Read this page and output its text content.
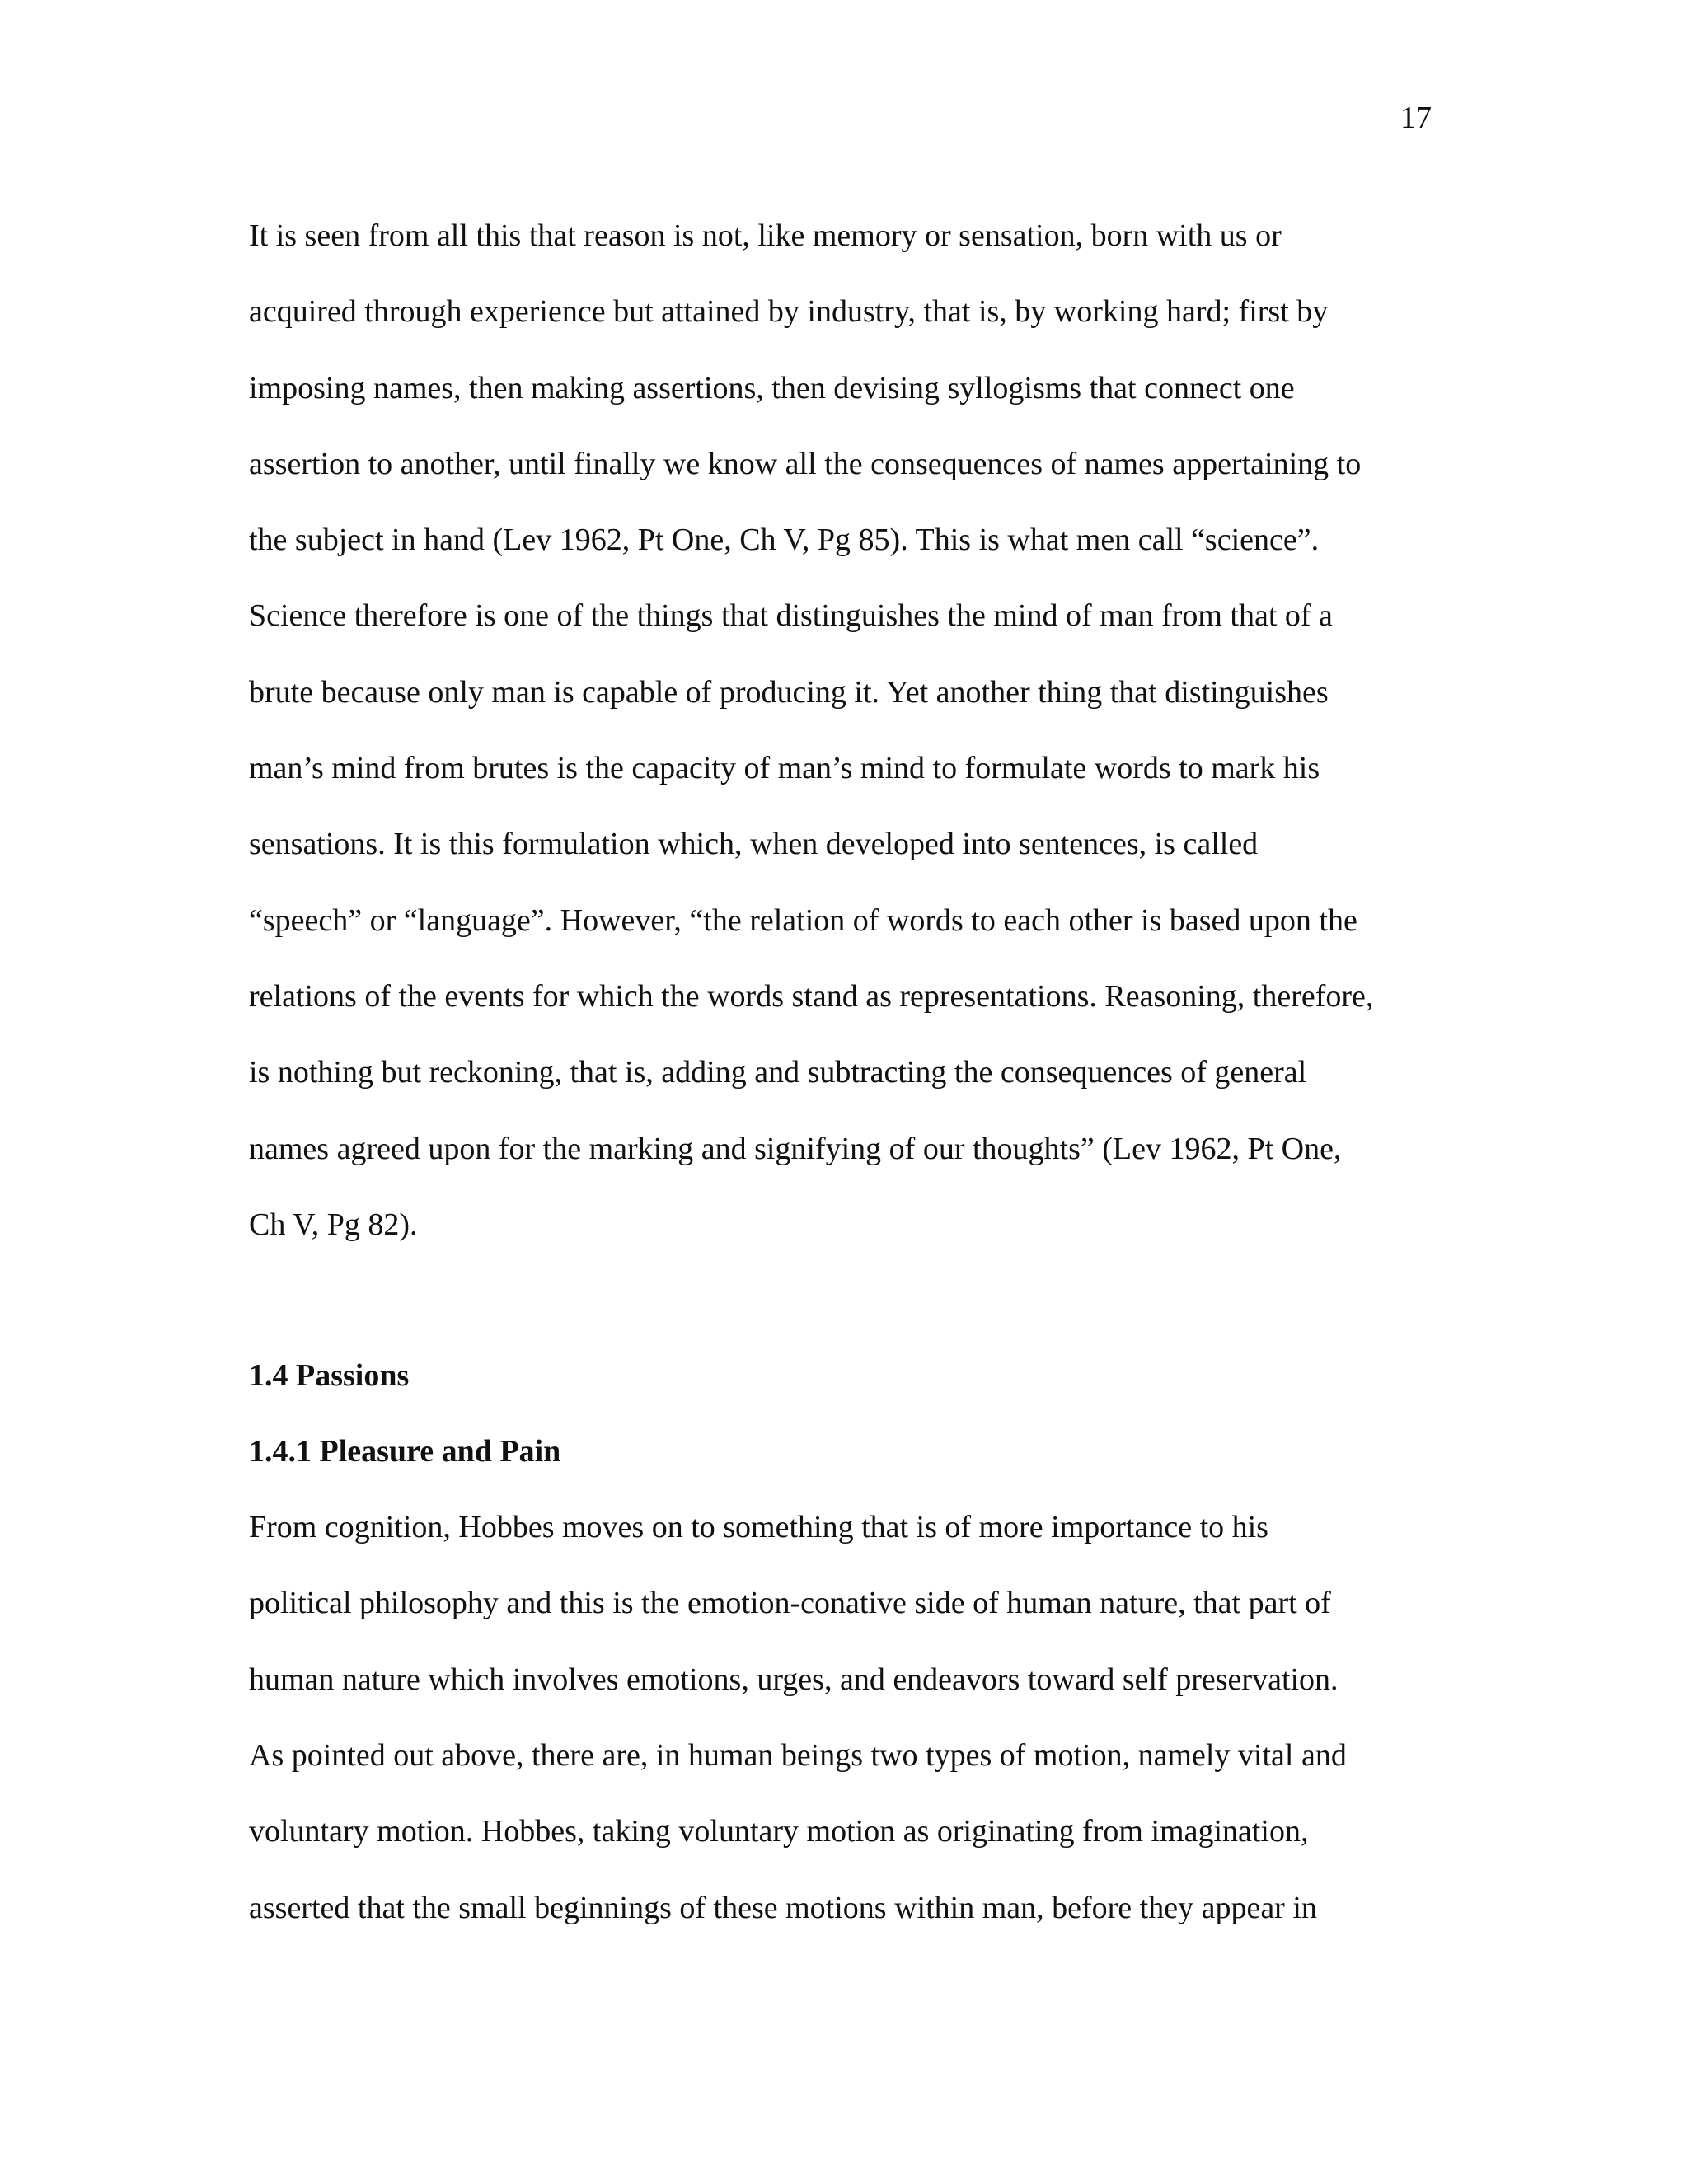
17

It is seen from all this that reason is not, like memory or sensation, born with us or
acquired through experience but attained by industry, that is, by working hard; first by
imposing names, then making assertions, then devising syllogisms that connect one
assertion to another, until finally we know all the consequences of names appertaining to
the subject in hand (Lev 1962, Pt One, Ch V, Pg 85). This is what men call “science”.
Science therefore is one of the things that distinguishes the mind of man from that of a
brute because only man is capable of producing it. Yet another thing that distinguishes
man’s mind from brutes is the capacity of man’s mind to formulate words to mark his
sensations. It is this formulation which, when developed into sentences, is called
“speech” or “language”. However, “the relation of words to each other is based upon the
relations of the events for which the words stand as representations. Reasoning, therefore,
is nothing but reckoning, that is, adding and subtracting the consequences of general
names agreed upon for the marking and signifying of our thoughts” (Lev 1962, Pt One,
Ch V, Pg 82).

1.4 Passions
1.4.1 Pleasure and Pain

From cognition, Hobbes moves on to something that is of more importance to his
political philosophy and this is the emotion-conative side of human nature, that part of
human nature which involves emotions, urges, and endeavors toward self preservation.
As pointed out above, there are, in human beings two types of motion, namely vital and
voluntary motion. Hobbes, taking voluntary motion as originating from imagination,
asserted that the small beginnings of these motions within man, before they appear in
